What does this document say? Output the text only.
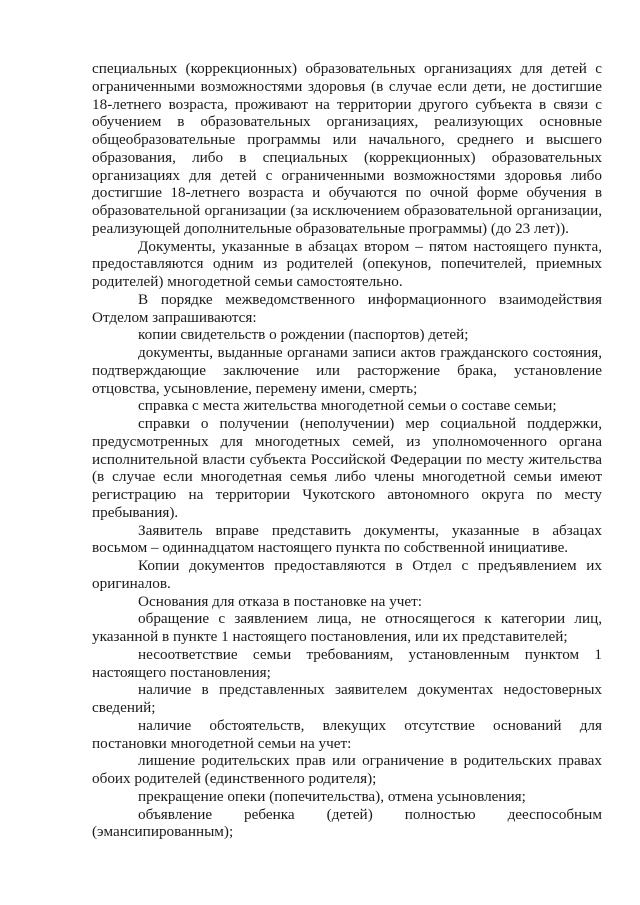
специальных (коррекционных) образовательных организациях для детей с ограниченными возможностями здоровья (в случае если дети, не достигшие 18-летнего возраста, проживают на территории другого субъекта в связи с обучением в образовательных организациях, реализующих основные общеобразовательные программы или начального, среднего и высшего образования, либо в специальных (коррекционных) образовательных организациях для детей с ограниченными возможностями здоровья либо достигшие 18-летнего возраста и обучаются по очной форме обучения в образовательной организации (за исключением образовательной организации, реализующей дополнительные образовательные программы) (до 23 лет)).

Документы, указанные в абзацах втором – пятом настоящего пункта, предоставляются одним из родителей (опекунов, попечителей, приемных родителей) многодетной семьи самостоятельно.

В порядке межведомственного информационного взаимодействия Отделом запрашиваются:

копии свидетельств о рождении (паспортов) детей;

документы, выданные органами записи актов гражданского состояния, подтверждающие заключение или расторжение брака, установление отцовства, усыновление, перемену имени, смерть;

справка с места жительства многодетной семьи о составе семьи;

справки о получении (неполучении) мер социальной поддержки, предусмотренных для многодетных семей, из уполномоченного органа исполнительной власти субъекта Российской Федерации по месту жительства (в случае если многодетная семья либо члены многодетной семьи имеют регистрацию на территории Чукотского автономного округа по месту пребывания).

Заявитель вправе представить документы, указанные в абзацах восьмом – одиннадцатом настоящего пункта по собственной инициативе.

Копии документов предоставляются в Отдел с предъявлением их оригиналов.

Основания для отказа в постановке на учет:

обращение с заявлением лица, не относящегося к категории лиц, указанной в пункте 1 настоящего постановления, или их представителей;

несоответствие семьи требованиям, установленным пунктом 1 настоящего постановления;

наличие в представленных заявителем документах недостоверных сведений;

наличие обстоятельств, влекущих отсутствие оснований для постановки многодетной семьи на учет:

лишение родительских прав или ограничение в родительских правах обоих родителей (единственного родителя);

прекращение опеки (попечительства), отмена усыновления;

объявление ребенка (детей) полностью дееспособным (эмансипированным);
